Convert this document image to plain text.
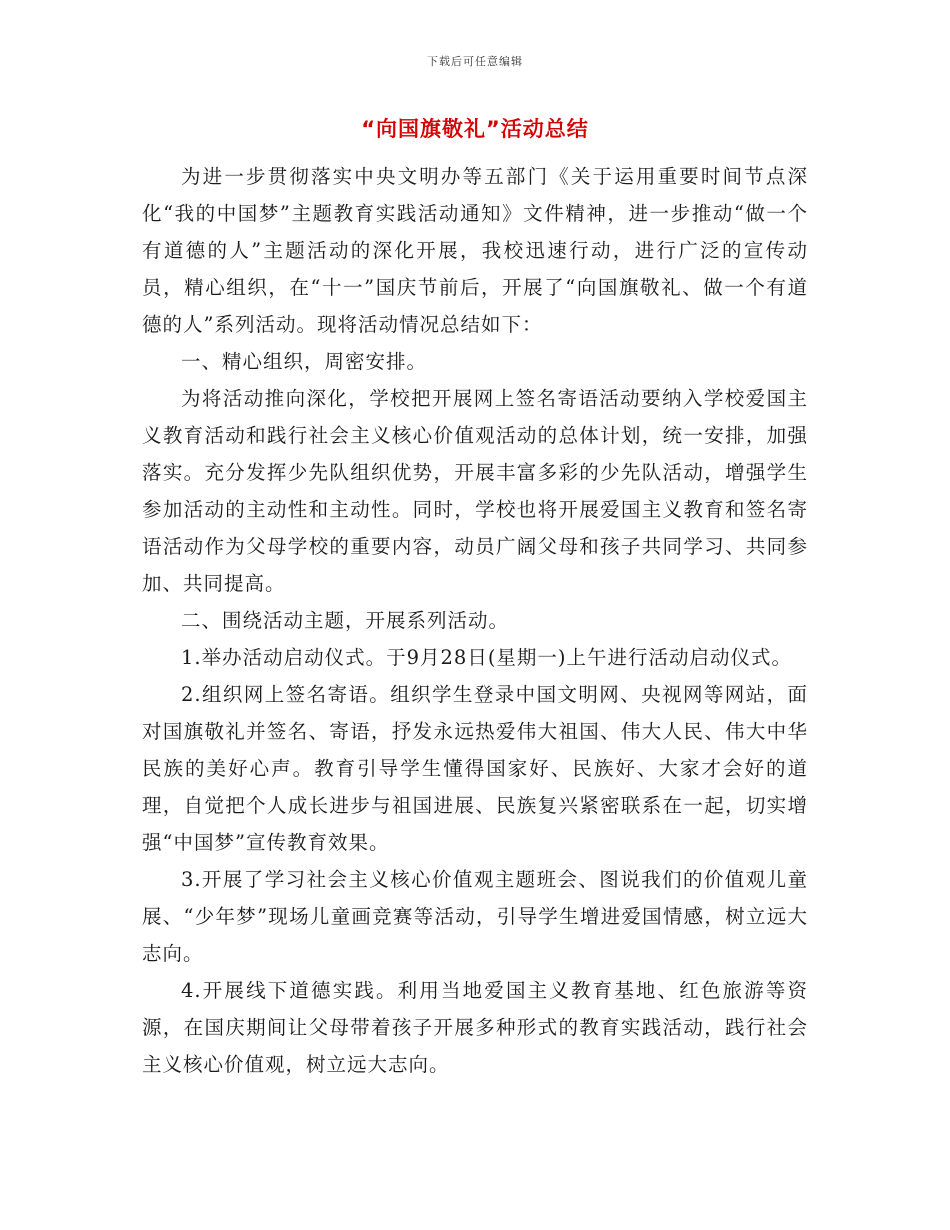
下载后可任意编辑
“向国旗敬礼”活动总结

为进一步贯彻落实中央文明办等五部门《关于运用重要时间节点深化“我的中国梦”主题教育实践活动通知》文件精神，进一步推动“做一个有道德的人”主题活动的深化开展，我校迅速行动，进行广泛的宣传动员，精心组织，在“十一”国庆节前后，开展了“向国旗敬礼、做一个有道德的人”系列活动。现将活动情况总结如下：

一、精心组织，周密安排。

为将活动推向深化，学校把开展网上签名寄语活动要纳入学校爱国主义教育活动和践行社会主义核心价值观活动的总体计划，统一安排，加强落实。充分发挥少先队组织优势，开展丰富多彩的少先队活动，增强学生参加活动的主动性和主动性。同时，学校也将开展爱国主义教育和签名寄语活动作为父母学校的重要内容，动员广阔父母和孩子共同学习、共同参加、共同提高。

二、围绕活动主题，开展系列活动。

1.举办活动启动仪式。于9月28日(星期一)上午进行活动启动仪式。

2.组织网上签名寄语。组织学生登录中国文明网、央视网等网站，面对国旗敬礼并签名、寄语，抒发永远热爱伟大祖国、伟大人民、伟大中华民族的美好心声。教育引导学生懂得国家好、民族好、大家才会好的道理，自觉把个人成长进步与祖国进展、民族复兴紧密联系在一起，切实增强“中国梦”宣传教育效果。

3.开展了学习社会主义核心价值观主题班会、图说我们的价值观儿童展、“少年梦”现场儿童画竞赛等活动，引导学生增进爱国情感，树立远大志向。

4.开展线下道德实践。利用当地爱国主义教育基地、红色旅游等资源，在国庆期间让父母带着孩子开展多种形式的教育实践活动，践行社会主义核心价值观，树立远大志向。
